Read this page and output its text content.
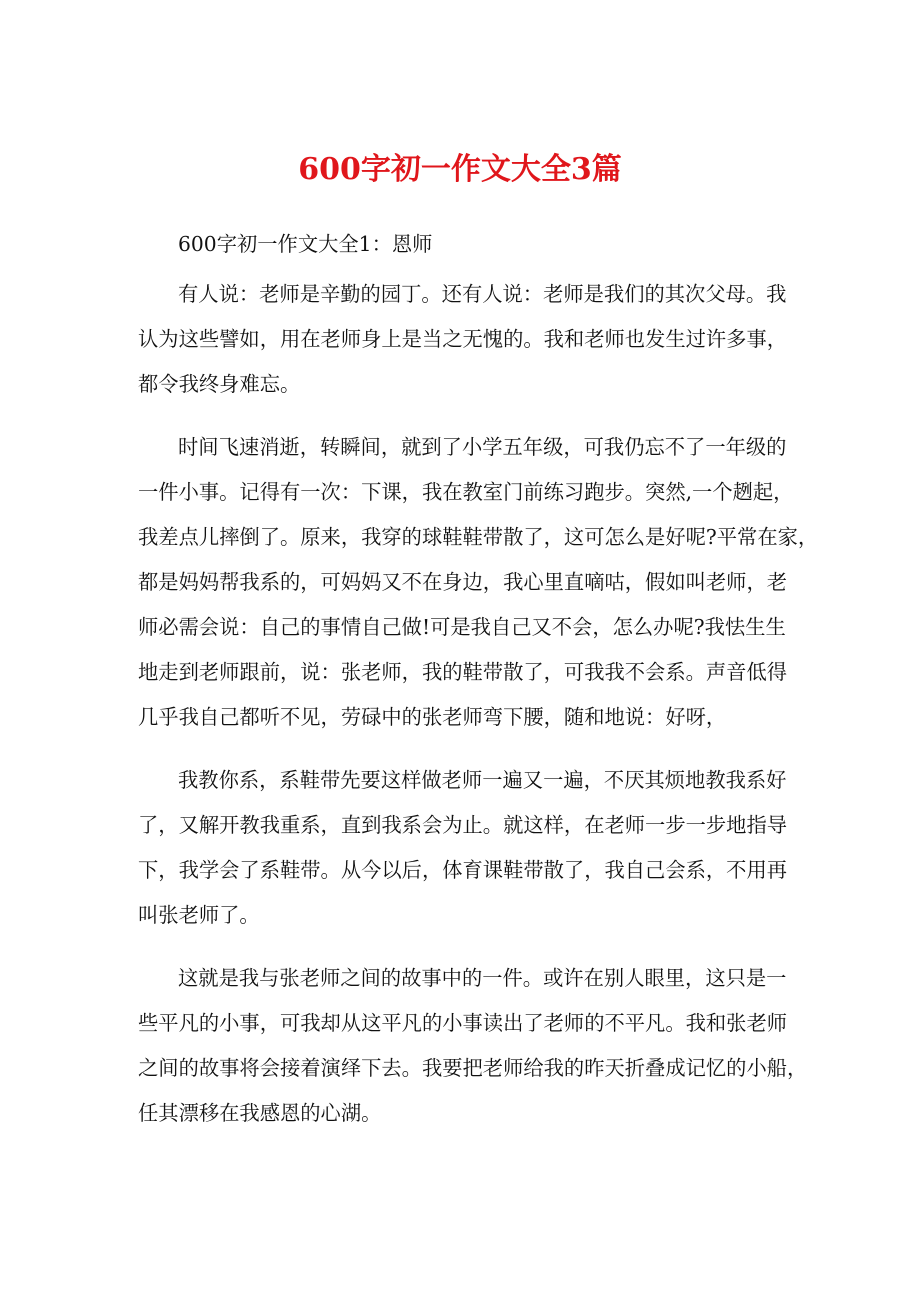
600字初一作文大全3篇

600字初一作文大全1：恩师

有人说：老师是辛勤的园丁。还有人说：老师是我们的其次父母。我
认为这些譬如，用在老师身上是当之无愧的。我和老师也发生过许多事，
都令我终身难忘。

时间飞速消逝，转瞬间，就到了小学五年级，可我仍忘不了一年级的
一件小事。记得有一次：下课，我在教室门前练习跑步。突然,一个趔起，
我差点儿摔倒了。原来，我穿的球鞋鞋带散了，这可怎么是好呢?平常在家，
都是妈妈帮我系的，可妈妈又不在身边，我心里直嘀咕，假如叫老师，老
师必需会说：自己的事情自己做!可是我自己又不会，怎么办呢?我怯生生
地走到老师跟前，说：张老师，我的鞋带散了，可我我不会系。声音低得
几乎我自己都听不见，劳碌中的张老师弯下腰，随和地说：好呀，

我教你系，系鞋带先要这样做老师一遍又一遍，不厌其烦地教我系好
了，又解开教我重系，直到我系会为止。就这样，在老师一步一步地指导
下，我学会了系鞋带。从今以后，体育课鞋带散了，我自己会系，不用再
叫张老师了。

这就是我与张老师之间的故事中的一件。或许在别人眼里，这只是一
些平凡的小事，可我却从这平凡的小事读出了老师的不平凡。我和张老师
之间的故事将会接着演绎下去。我要把老师给我的昨天折叠成记忆的小船，
任其漂移在我感恩的心湖。
